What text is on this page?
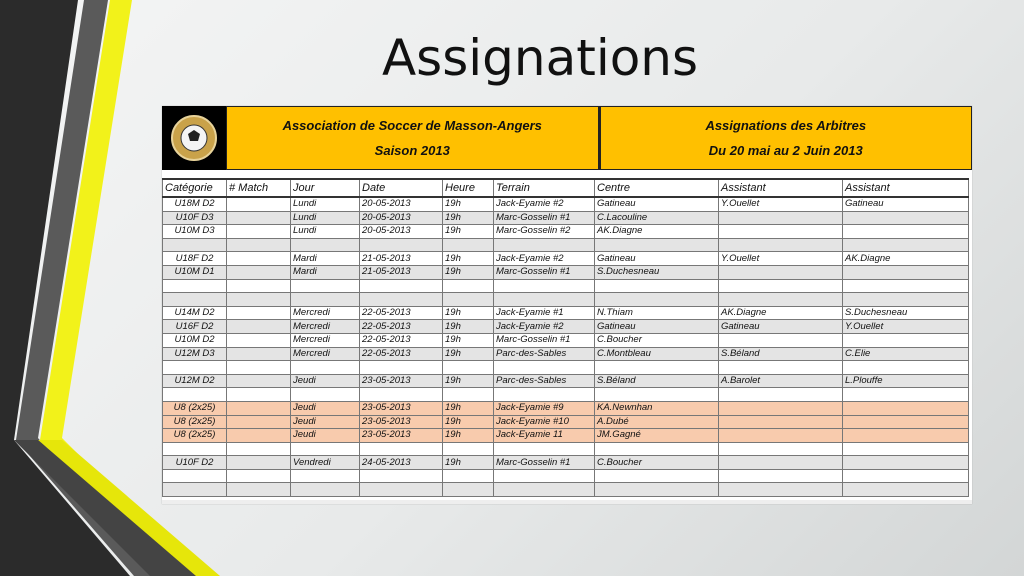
Assignations
Association de Soccer de Masson-Angers
Saison 2013
Assignations des Arbitres
Du 20 mai au 2 Juin 2013
Catégorie	# Match	Jour	Date	Heure	Terrain	Centre	Assistant	Assistant
U18M D2		Lundi	20-05-2013	19h	Jack-Eyamie #2	Gatineau	Y.Ouellet	Gatineau
U10F D3		Lundi	20-05-2013	19h	Marc-Gosselin #1	C.Lacouline		
U10M D3		Lundi	20-05-2013	19h	Marc-Gosselin #2	AK.Diagne		

U18F D2		Mardi	21-05-2013	19h	Jack-Eyamie #2	Gatineau	Y.Ouellet	AK.Diagne
U10M D1		Mardi	21-05-2013	19h	Marc-Gosselin #1	S.Duchesneau		

U14M D2		Mercredi	22-05-2013	19h	Jack-Eyamie #1	N.Thiam	AK.Diagne	S.Duchesneau
U16F D2		Mercredi	22-05-2013	19h	Jack-Eyamie #2	Gatineau	Gatineau	Y.Ouellet
U10M D2		Mercredi	22-05-2013	19h	Marc-Gosselin #1	C.Boucher		
U12M D3		Mercredi	22-05-2013	19h	Parc-des-Sables	C.Montbleau	S.Béland	C.Elie

U12M D2		Jeudi	23-05-2013	19h	Parc-des-Sables	S.Béland	A.Barolet	L.Plouffe

U8 (2x25)		Jeudi	23-05-2013	19h	Jack-Eyamie #9	KA.Newnhan		
U8 (2x25)		Jeudi	23-05-2013	19h	Jack-Eyamie #10	A.Dubé		
U8 (2x25)		Jeudi	23-05-2013	19h	Jack-Eyamie 11	JM.Gagné		

U10F D2		Vendredi	24-05-2013	19h	Marc-Gosselin #1	C.Boucher		
